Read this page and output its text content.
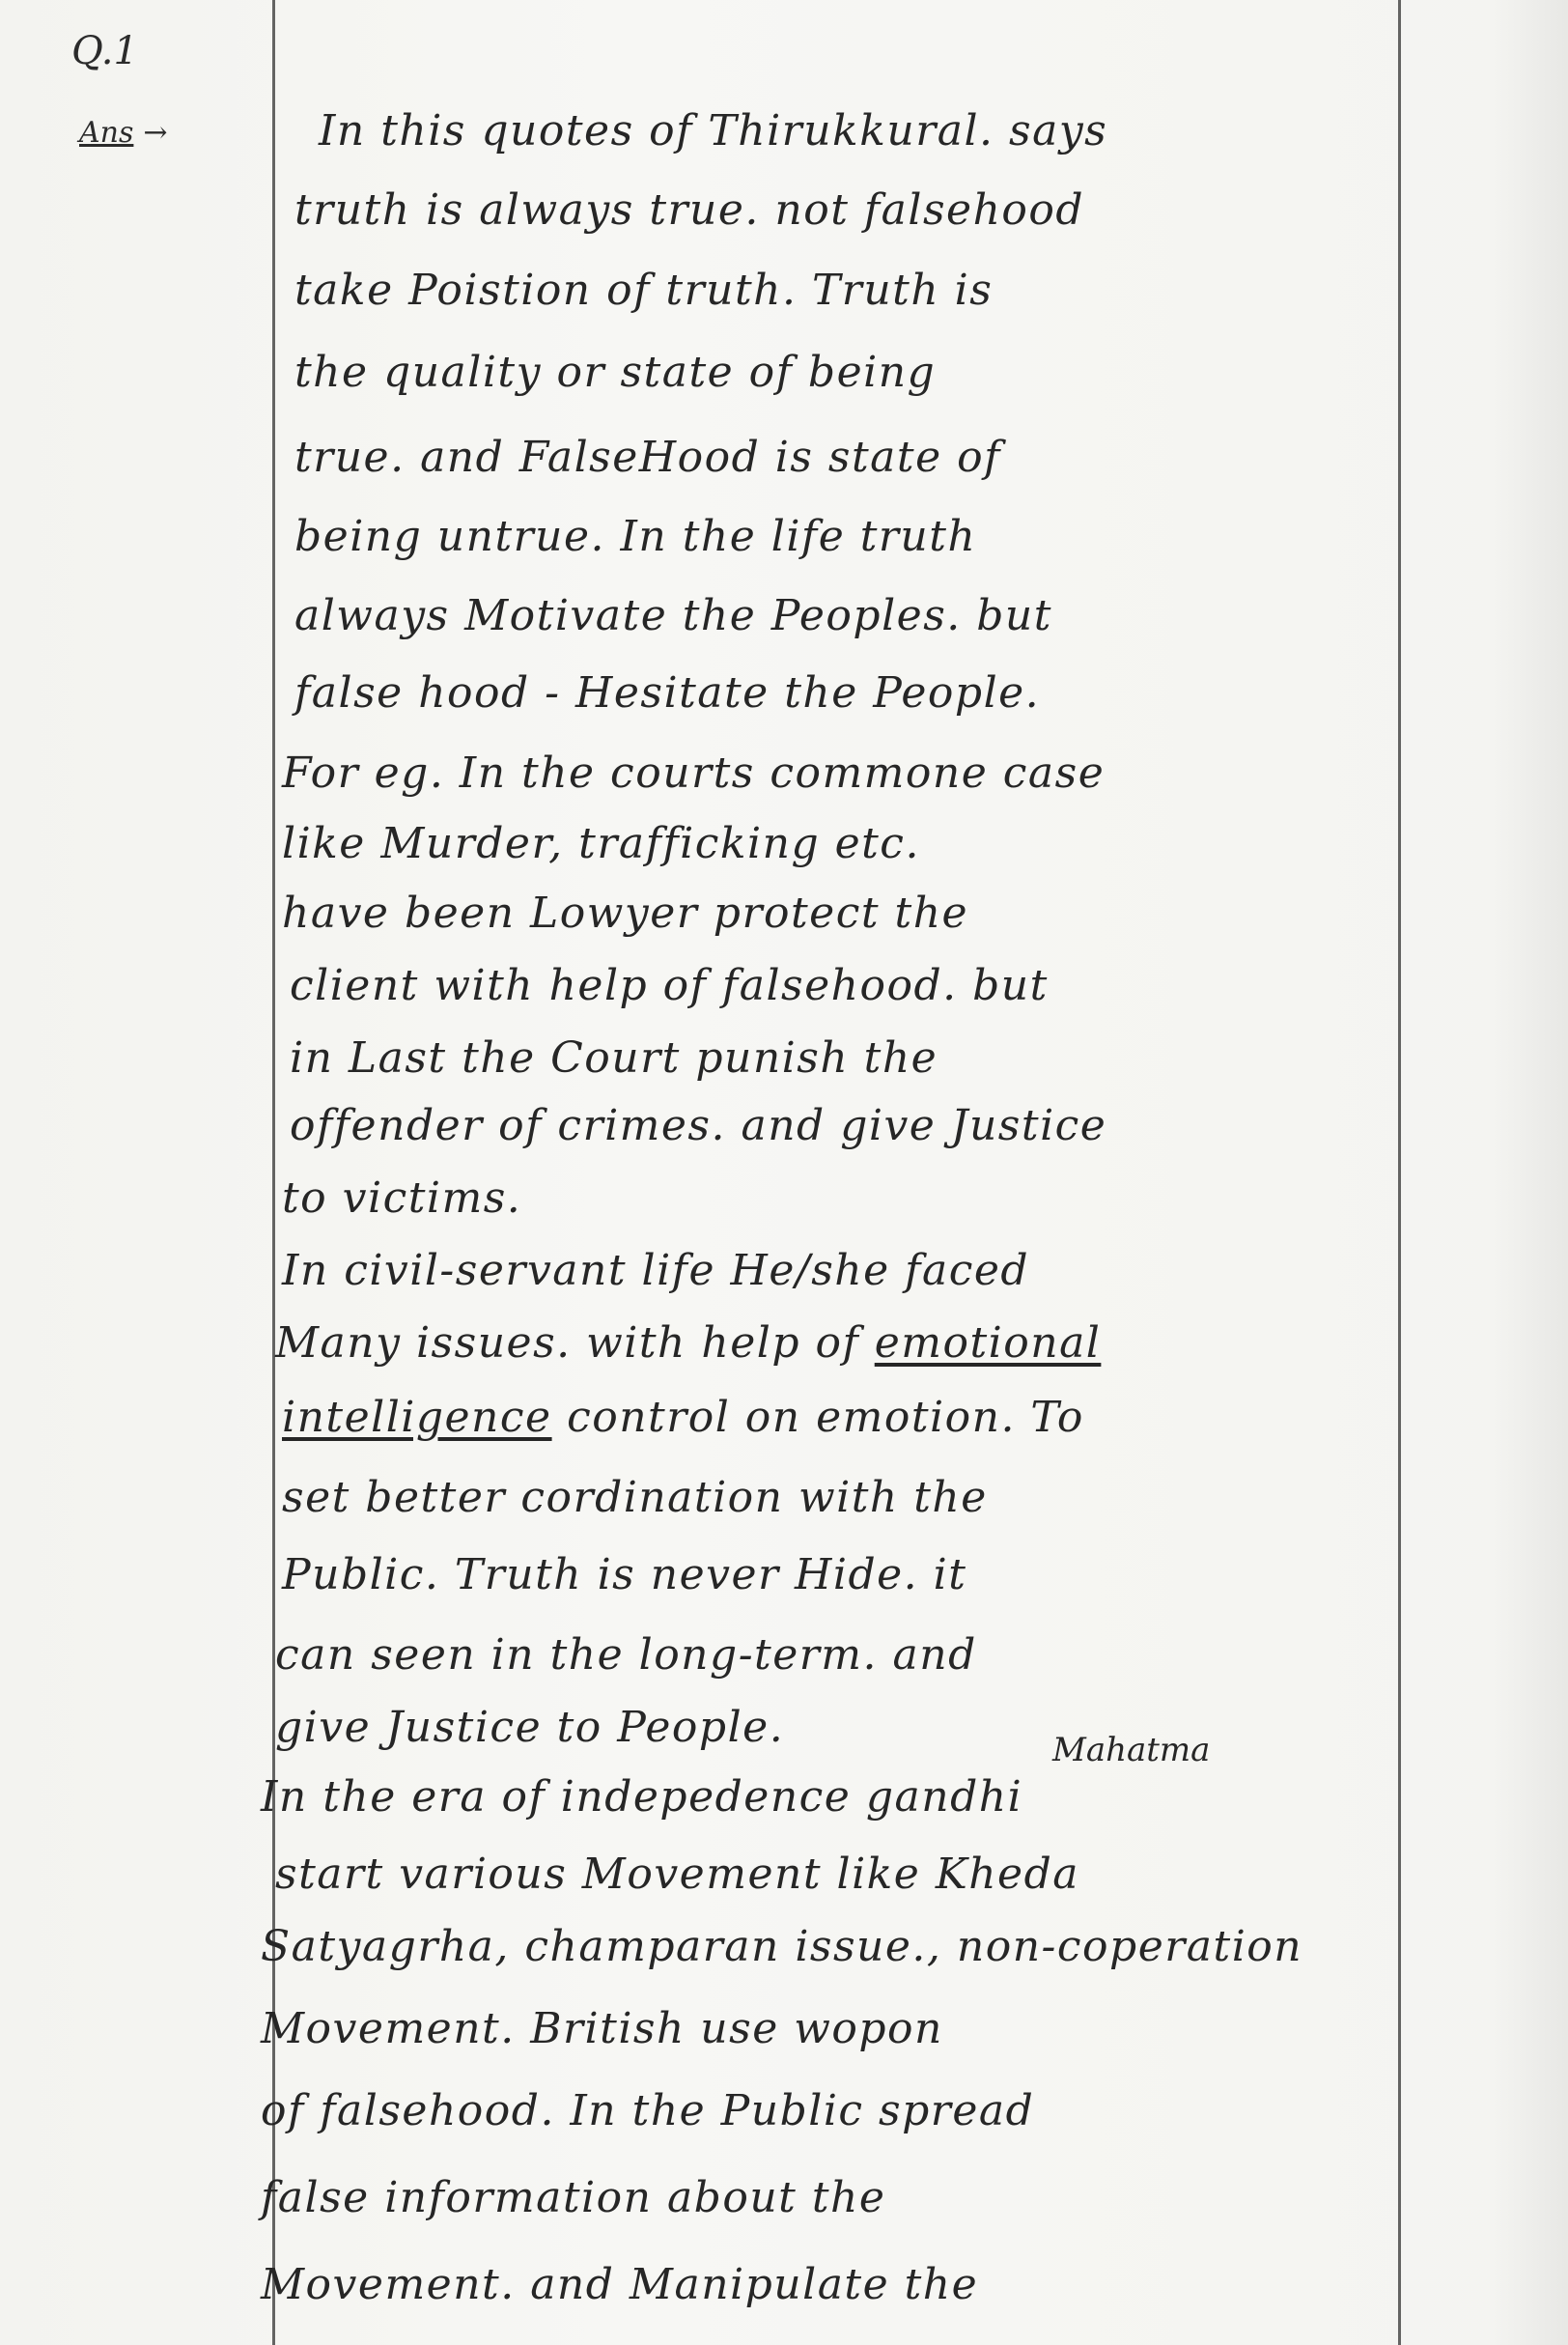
Q.1
Ans →	In this quotes of Thirukkural. says
truth is always true. not falsehood
take Poistion of truth. Truth is
the quality or state of being
true. and FalseHood is state of
being untrue. In the life truth
always Motivate the Peoples. but
false hood - Hesitate the People.
For eg. In the courts commone case
like Murder, trafficking etc.
have been Lowyer protect the
client with help of falsehood. but
in Last the Court punish the
offender of crimes. and give Justice
to victims.
In civil-servant life He/she faced
Many issues. with help of emotional
intelligence control on emotion. To
set better cordination with the
Public. Truth is never Hide. it
can seen in the long-term. and
give Justice to People.
In the era of indepedence gandhi
start various Movement like Kheda
Satyagrha, champaran issue., non-coperation
Movement. British use wopon
of falsehood. In the Public spread
false information about the
Movement. and Manipulate the
Mahatma
